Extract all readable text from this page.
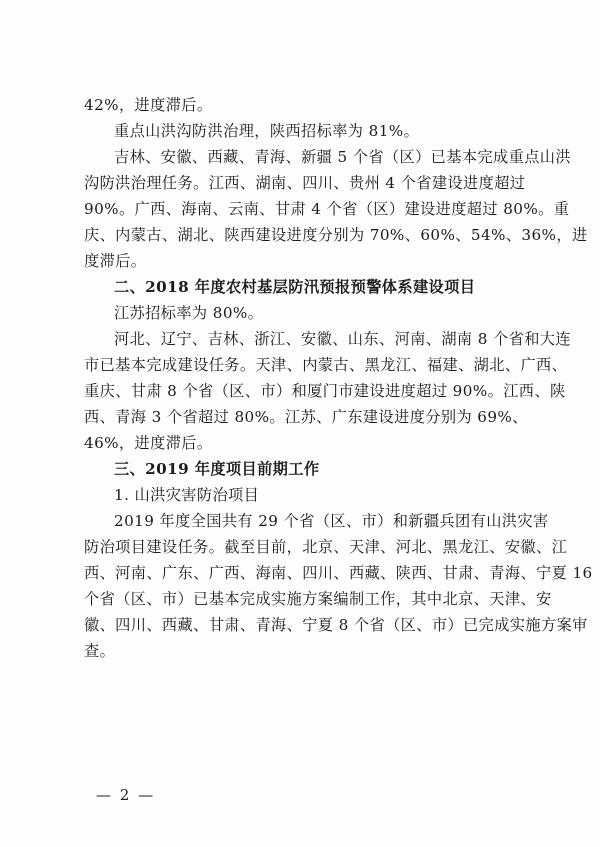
42%，进度滞后。
重点山洪沟防洪治理，陕西招标率为 81%。
吉林、安徽、西藏、青海、新疆 5 个省（区）已基本完成重点山洪
沟防洪治理任务。江西、湖南、四川、贵州 4 个省建设进度超过
90%。广西、海南、云南、甘肃 4 个省（区）建设进度超过 80%。重
庆、内蒙古、湖北、陕西建设进度分别为 70%、60%、54%、36%，进
度滞后。
二、2018 年度农村基层防汛预报预警体系建设项目
江苏招标率为 80%。
河北、辽宁、吉林、浙江、安徽、山东、河南、湖南 8 个省和大连
市已基本完成建设任务。天津、内蒙古、黑龙江、福建、湖北、广西、
重庆、甘肃 8 个省（区、市）和厦门市建设进度超过 90%。江西、陕
西、青海 3 个省超过 80%。江苏、广东建设进度分别为 69%、
46%，进度滞后。
三、2019 年度项目前期工作
1. 山洪灾害防治项目
2019 年度全国共有 29 个省（区、市）和新疆兵团有山洪灾害
防治项目建设任务。截至目前，北京、天津、河北、黑龙江、安徽、江
西、河南、广东、广西、海南、四川、西藏、陕西、甘肃、青海、宁夏 16
个省（区、市）已基本完成实施方案编制工作，其中北京、天津、安
徽、四川、西藏、甘肃、青海、宁夏 8 个省（区、市）已完成实施方案审
查。
— 2 —
